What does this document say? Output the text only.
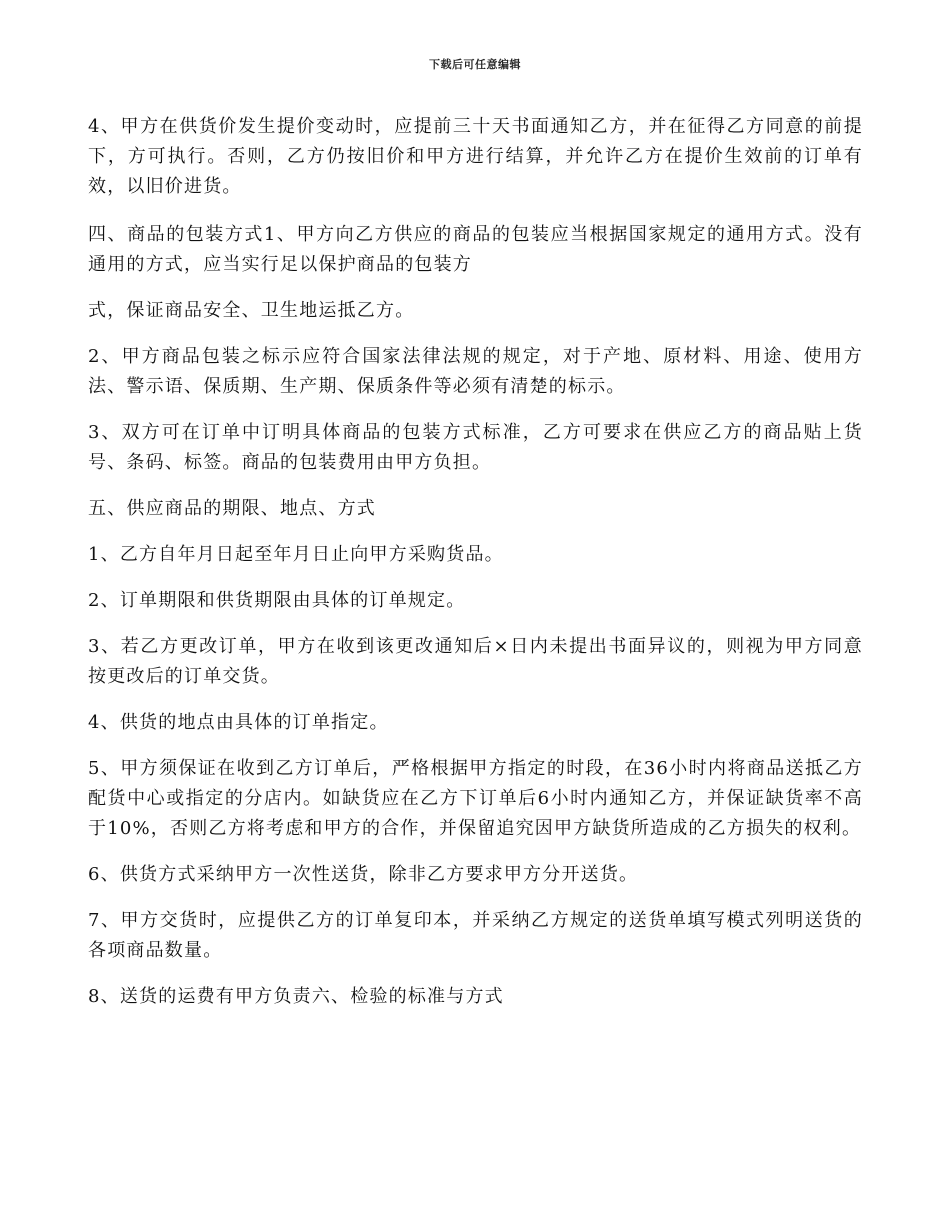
下载后可任意编辑

4、甲方在供货价发生提价变动时，应提前三十天书面通知乙方，并在征得乙方同意的前提下，方可执行。否则，乙方仍按旧价和甲方进行结算，并允许乙方在提价生效前的订单有效，以旧价进货。

四、商品的包装方式1、甲方向乙方供应的商品的包装应当根据国家规定的通用方式。没有通用的方式，应当实行足以保护商品的包装方

式，保证商品安全、卫生地运抵乙方。

2、甲方商品包装之标示应符合国家法律法规的规定，对于产地、原材料、用途、使用方法、警示语、保质期、生产期、保质条件等必须有清楚的标示。

3、双方可在订单中订明具体商品的包装方式标准，乙方可要求在供应乙方的商品贴上货号、条码、标签。商品的包装费用由甲方负担。

五、供应商品的期限、地点、方式

1、乙方自年月日起至年月日止向甲方采购货品。

2、订单期限和供货期限由具体的订单规定。

3、若乙方更改订单，甲方在收到该更改通知后×日内未提出书面异议的，则视为甲方同意按更改后的订单交货。

4、供货的地点由具体的订单指定。

5、甲方须保证在收到乙方订单后，严格根据甲方指定的时段，在36小时内将商品送抵乙方配货中心或指定的分店内。如缺货应在乙方下订单后6小时内通知乙方，并保证缺货率不高于10%，否则乙方将考虑和甲方的合作，并保留追究因甲方缺货所造成的乙方损失的权利。

6、供货方式采纳甲方一次性送货，除非乙方要求甲方分开送货。

7、甲方交货时，应提供乙方的订单复印本，并采纳乙方规定的送货单填写模式列明送货的各项商品数量。

8、送货的运费有甲方负责六、检验的标准与方式
